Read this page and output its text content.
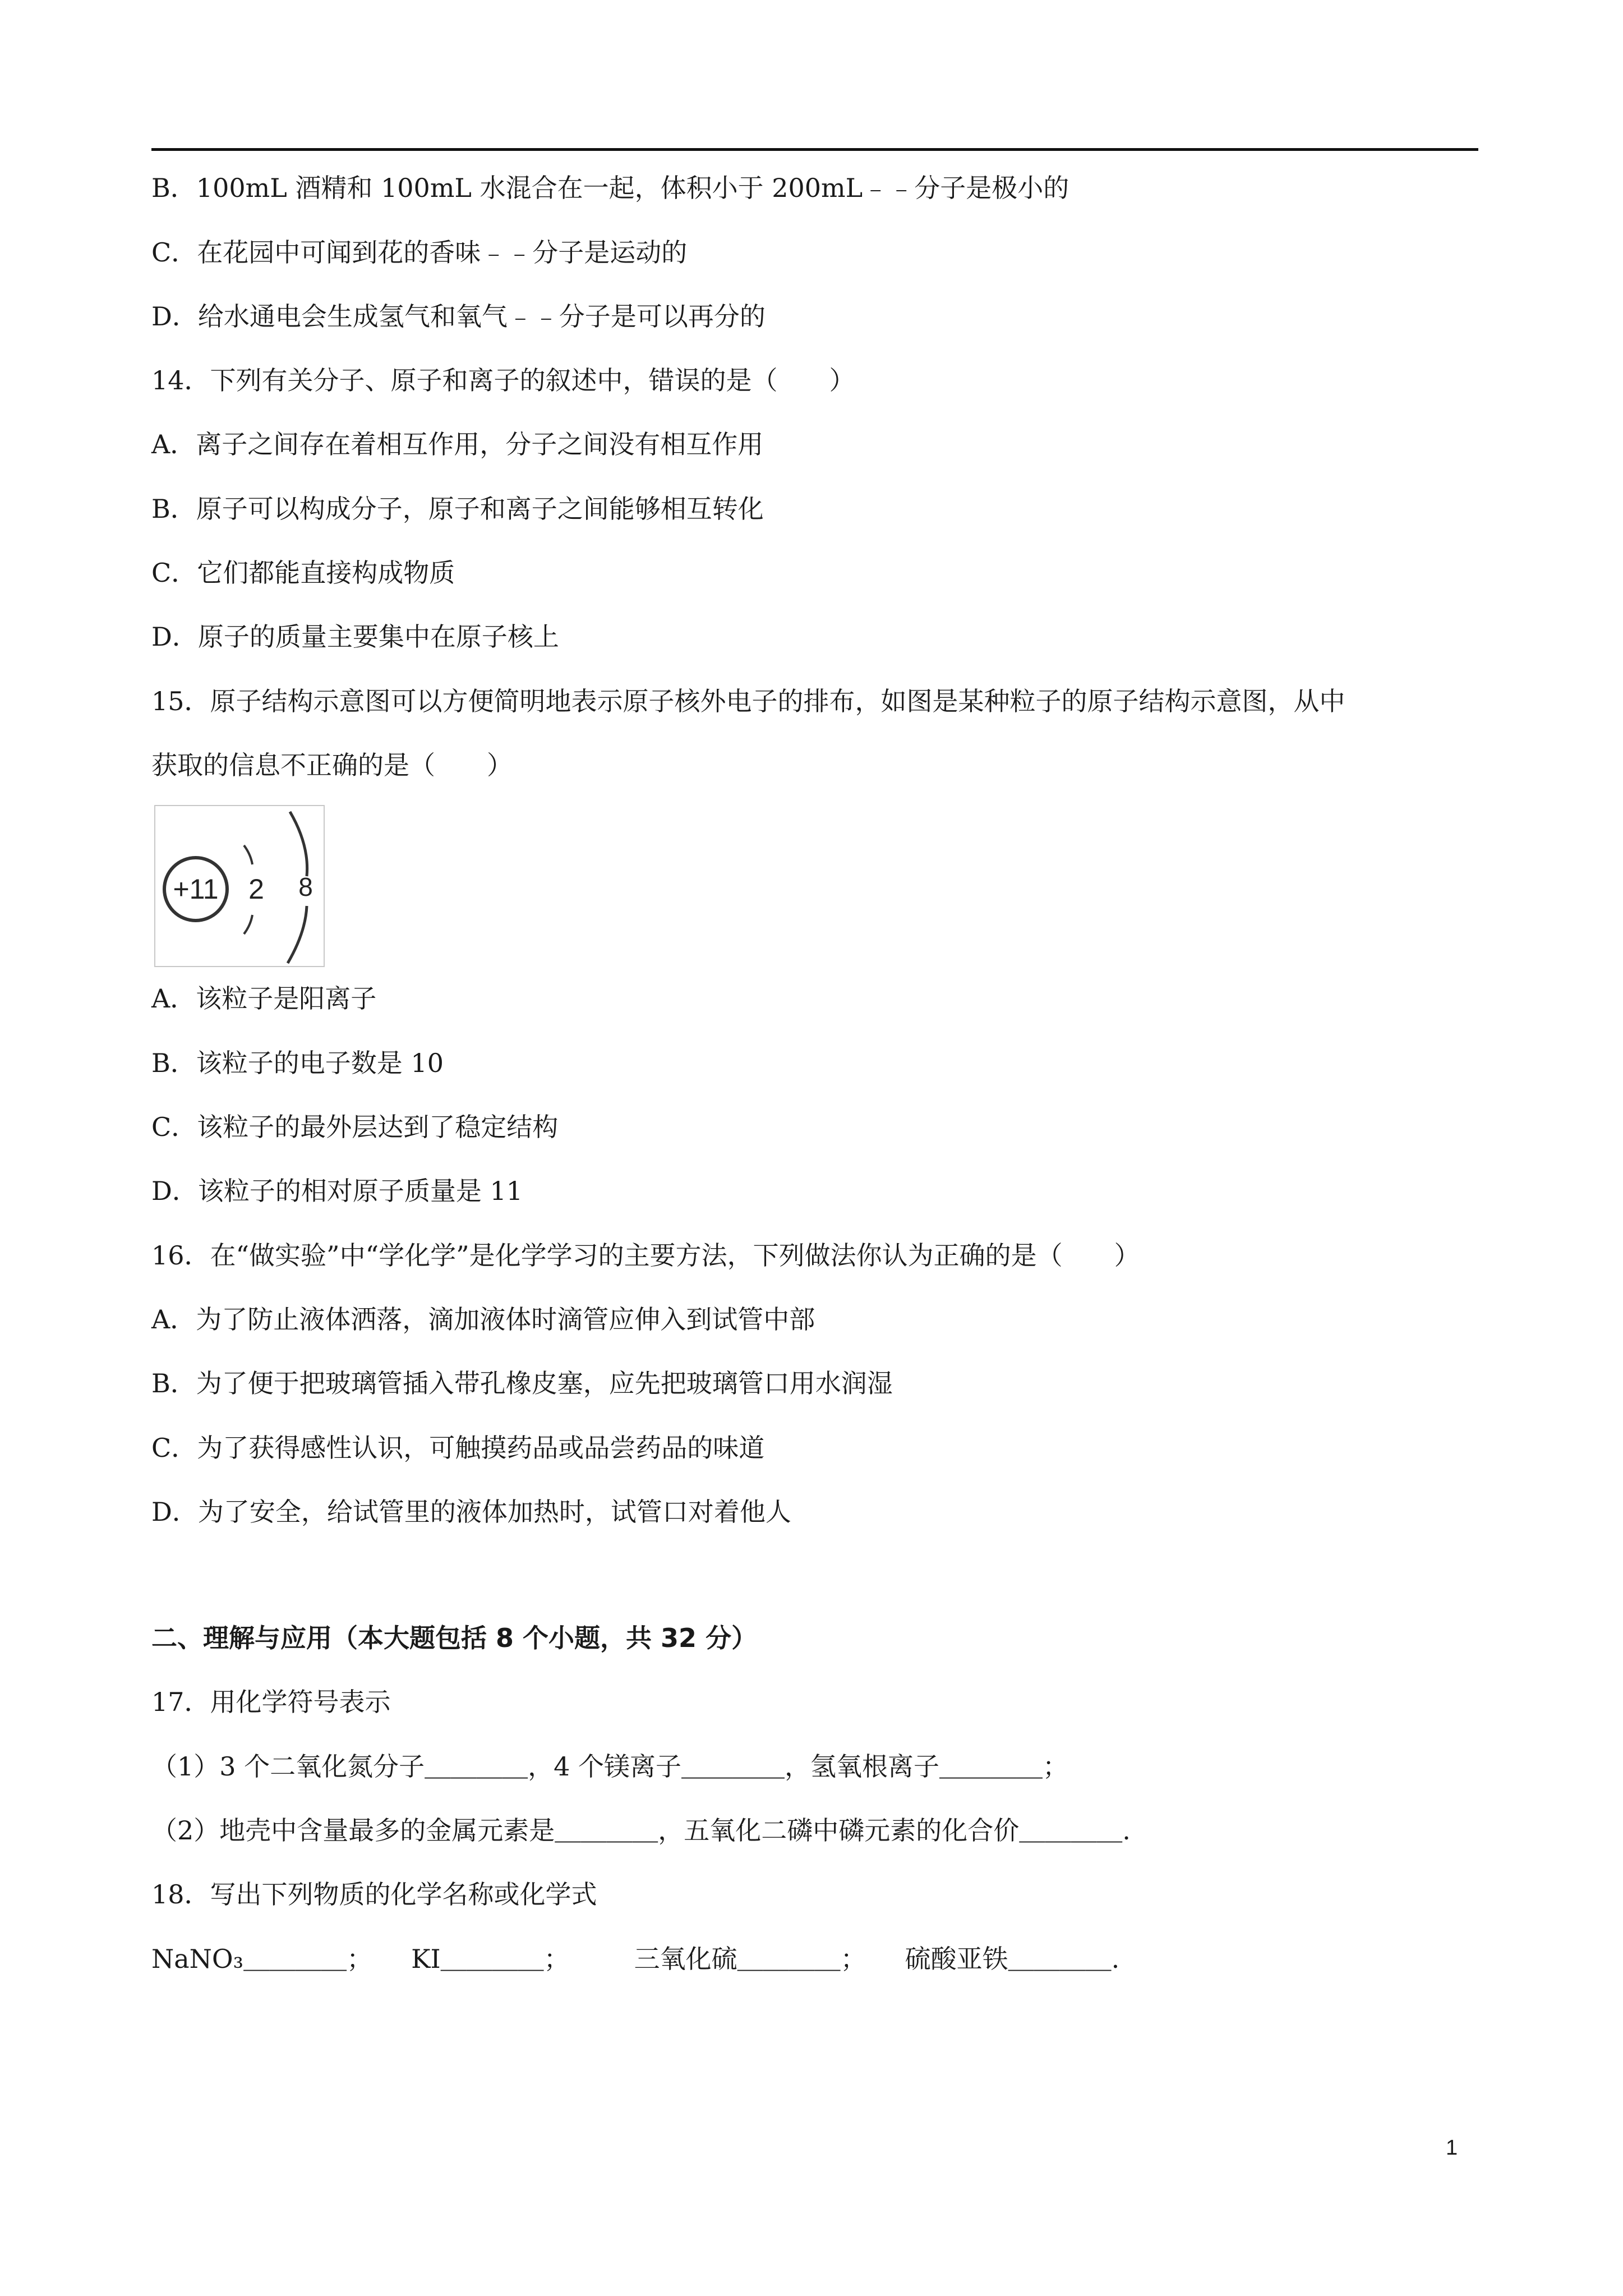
B．100mL 酒精和 100mL 水混合在一起，体积小于 200mL﹣﹣分子是极小的
C．在花园中可闻到花的香味﹣﹣分子是运动的
D．给水通电会生成氢气和氧气﹣﹣分子是可以再分的
14．下列有关分子、原子和离子的叙述中，错误的是（　　）
A．离子之间存在着相互作用，分子之间没有相互作用
B．原子可以构成分子，原子和离子之间能够相互转化
C．它们都能直接构成物质
D．原子的质量主要集中在原子核上
15．原子结构示意图可以方便简明地表示原子核外电子的排布，如图是某种粒子的原子结构示意图，从中
获取的信息不正确的是（　　）
+11 2 8
A．该粒子是阳离子
B．该粒子的电子数是 10
C．该粒子的最外层达到了稳定结构
D．该粒子的相对原子质量是 11
16．在“做实验”中“学化学”是化学学习的主要方法，下列做法你认为正确的是（　　）
A．为了防止液体洒落，滴加液体时滴管应伸入到试管中部
B．为了便于把玻璃管插入带孔橡皮塞，应先把玻璃管口用水润湿
C．为了获得感性认识，可触摸药品或品尝药品的味道
D．为了安全，给试管里的液体加热时，试管口对着他人
二、理解与应用（本大题包括 8 个小题，共 32 分）
17．用化学符号表示
（1）3 个二氧化氮分子＿＿＿＿，4 个镁离子＿＿＿＿，氢氧根离子＿＿＿＿；
（2）地壳中含量最多的金属元素是＿＿＿＿，五氧化二磷中磷元素的化合价＿＿＿＿.
18．写出下列物质的化学名称或化学式
NaNO₃＿＿＿＿；　　KI＿＿＿＿；　　　三氧化硫＿＿＿＿；　　硫酸亚铁＿＿＿＿.
1
